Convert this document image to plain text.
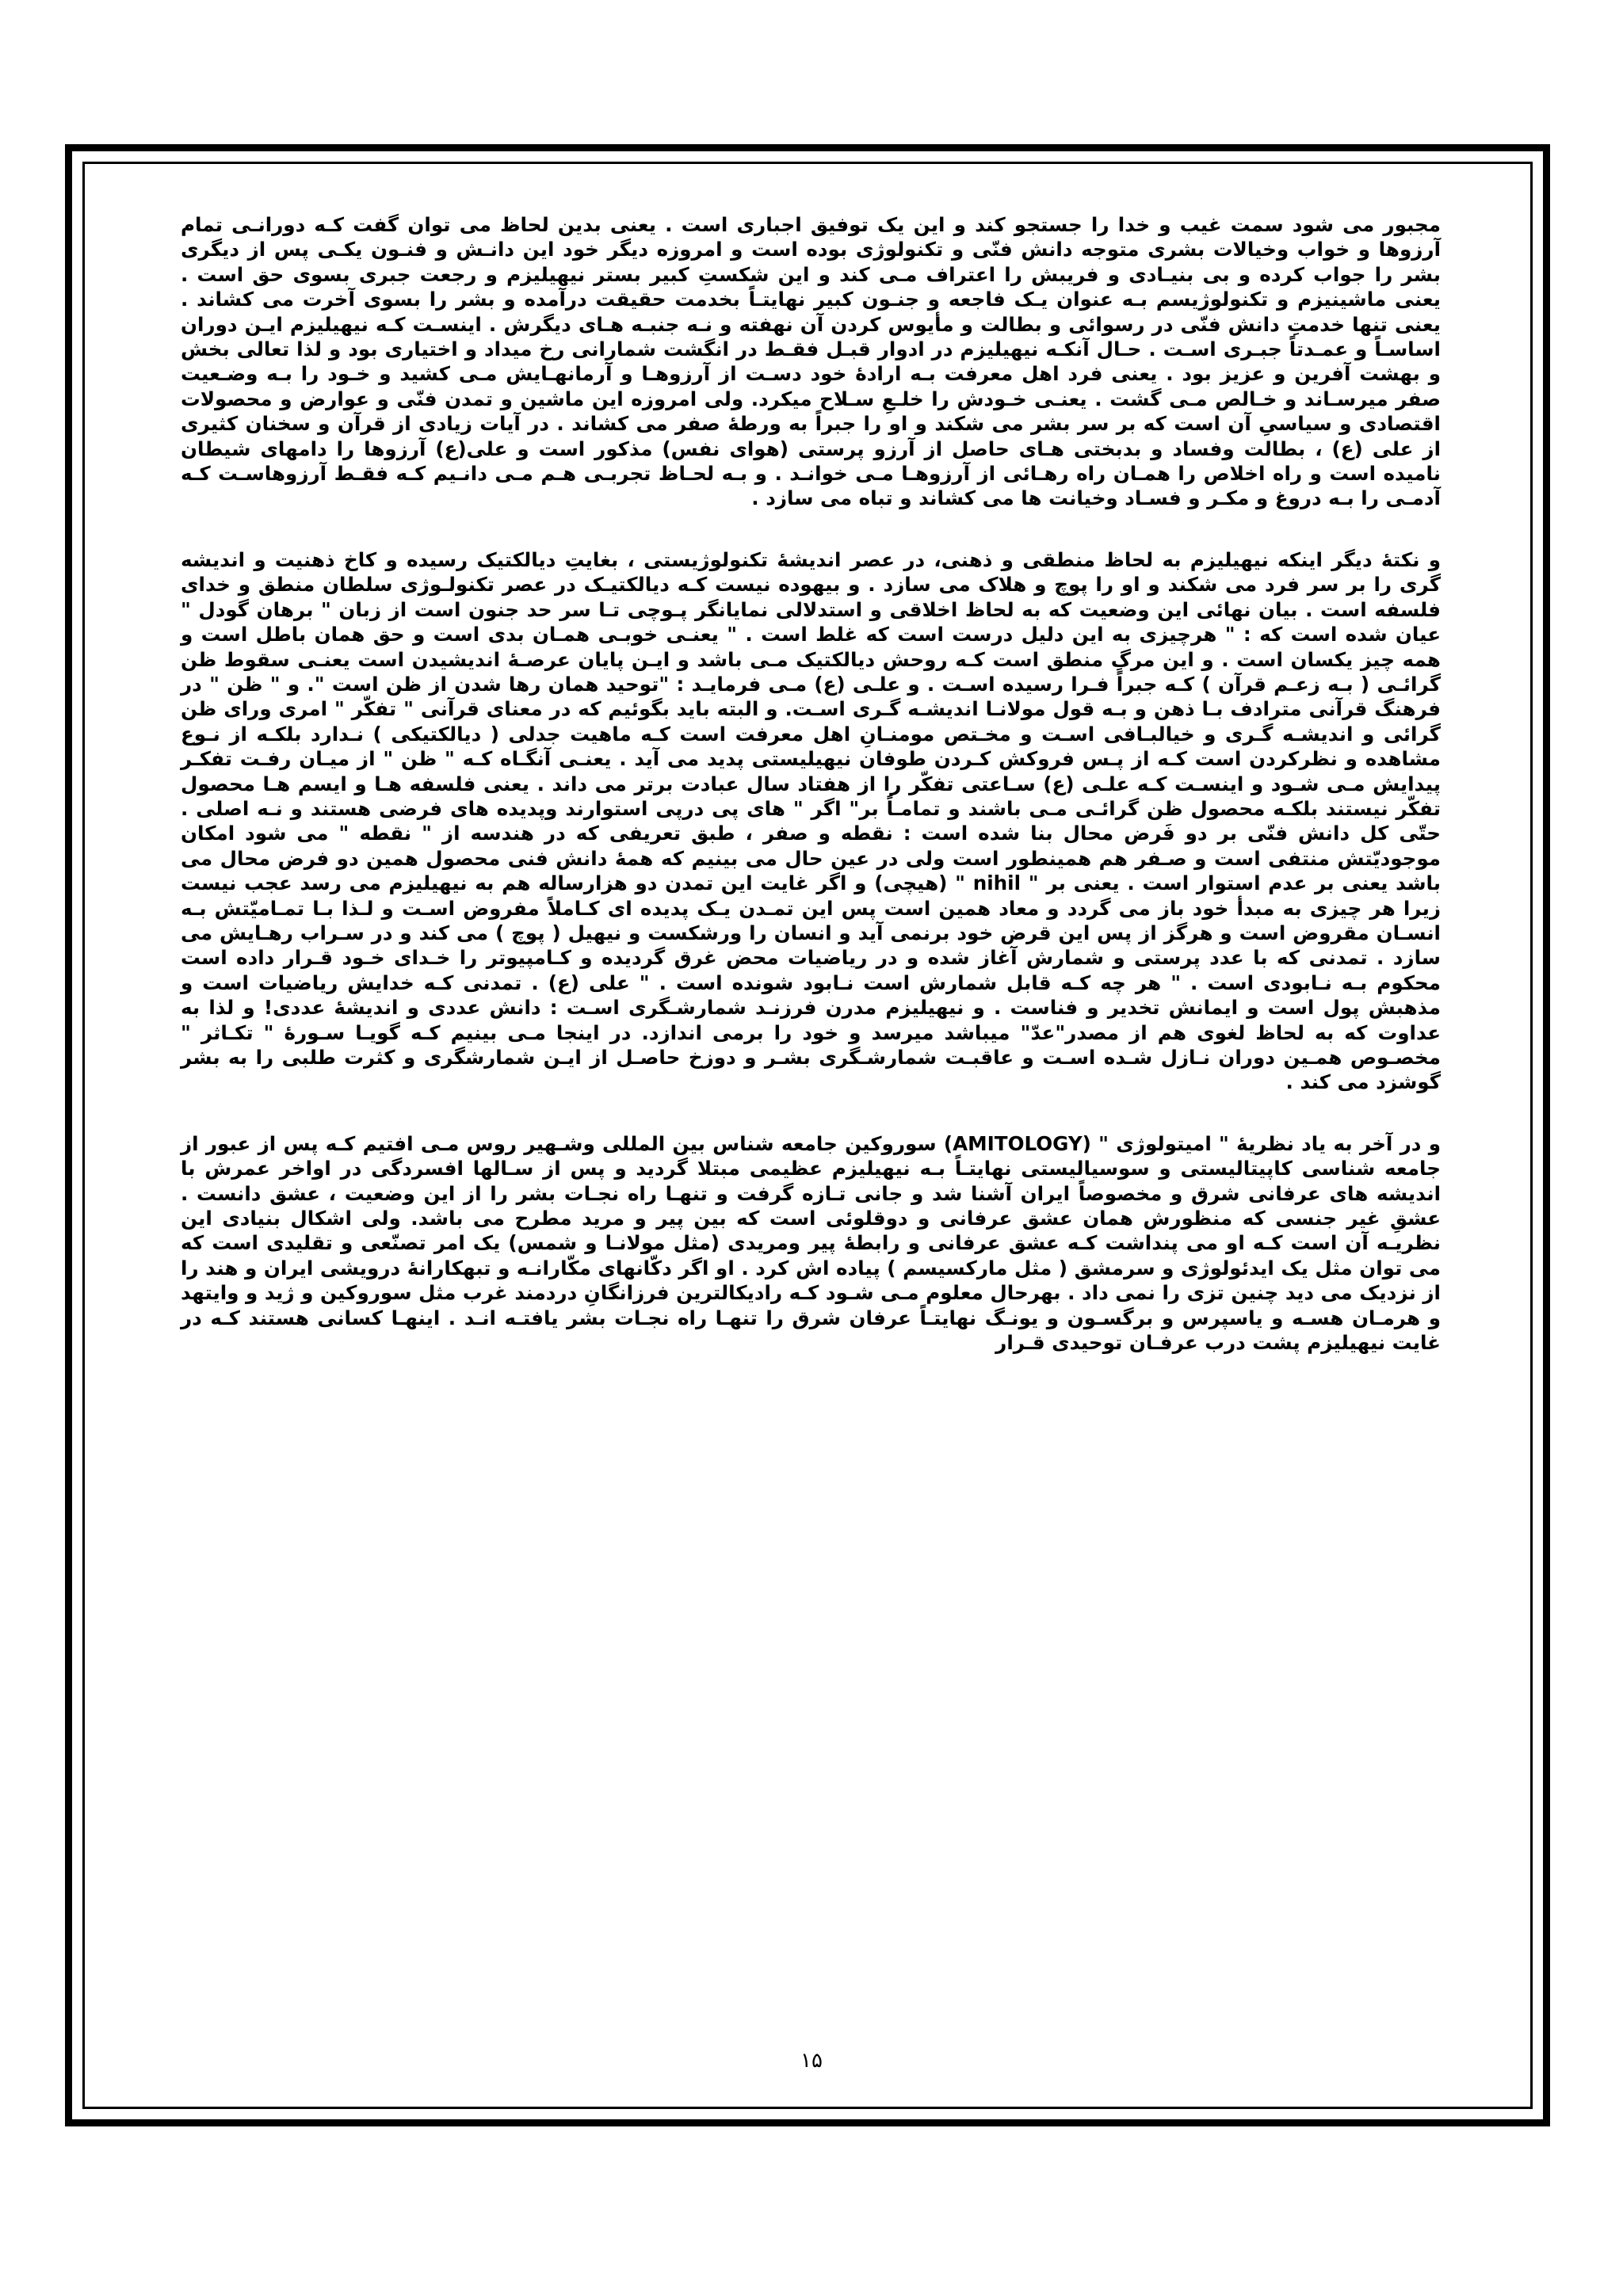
مجبور می شود سمت غیب و خدا را جستجو کند و این یک توفیق اجباری است . یعنی بدین لحاظ می توان گفت کـه دورانـی تمام آرزوها و خواب وخیالات بشری متوجه دانش فنّی و تکنولوژی بوده است و امروزه دیگر خود این دانـش و فنـون یکـی پس از دیگری بشر را جواب کرده و بی بنیـادی و فریبش را اعتراف مـی کند و این شکستِ کبیر بستر نیهیلیزم و رجعت جبری بسوی حق است . یعنی ماشینیزم و تکنولوژیسم بـه عنوان یـک فاجعه و جنـون کبیر نهایتـاً بخدمت حقیقت درآمده و بشر را بسوی آخرت می کشاند . یعنی تنها خدمتِ دانش فنّی در رسوائی و بطالت و مأیوس کردن آن نهفته و نـه جنبـه هـای دیگرش . اینسـت کـه نیهیلیزم ایـن دوران اساسـاً و عمـدتاً جبـری اسـت . حـال آنکـه نیهیلیزم در ادوار قبـل فقـط در انگشت شمارانی رخ میداد و اختیاری بود و لذا تعالی بخش و بهشت آفرین و عزیز بود . یعنی فرد اهل معرفت بـه ارادۀ خود دسـت از آرزوهـا و آرمانهـایش مـی کشید و خـود را بـه وضـعیت صفر میرسـاند و خـالص مـی گشت . یعنـی خـودش را خلـعِ سـلاح میکرد. ولی امروزه این ماشین و تمدن فنّی و عوارض و محصولات اقتصادی و سیاسیِ آن است که بر سر بشر می شکند و او را جبراً به ورطۀ صفر می کشاند . در آیات زیادی از قرآن و سخنان کثیری از علی (ع) ، بطالت وفساد و بدبختی هـای حاصل از آرزو پرستی (هوای نفس) مذکور است و علی(ع) آرزوها را دامهای شیطان نامیده است و راه اخلاص را همـان راه رهـائی از آرزوهـا مـی خوانـد . و بـه لحـاظ تجربـی هـم مـی دانـیم کـه فقـط آرزوهاسـت کـه آدمـی را بـه دروغ و مکـر و فسـاد وخیانت ها می کشاند و تباه می سازد .

و نکتۀ دیگر اینکه نیهیلیزم به لحاظ منطقی و ذهنی، در عصر اندیشۀ تکنولوژیستی ، بغایتِ دیالکتیک رسیده و کاخ ذهنیت و اندیشه گری را بر سر فرد می شکند و او را پوچ و هلاک می سازد . و بیهوده نیست کـه دیالکتیـک در عصر تکنولـوژی سلطان منطق و خدای فلسفه است . بیان نهائی این وضعیت که به لحاظ اخلاقی و استدلالی نمایانگر پـوچی تـا سر حد جنون است از زبان " برهان گودل " عیان شده است که : " هرچیزی به این دلیل درست است که غلط است . " یعنـی خوبـی همـان بدی است و حق همان باطل است و همه چیز یکسان است . و این مرگِ منطق است کـه روحش دیالکتیک مـی باشد و ایـن پایان عرصـۀ اندیشیدن است یعنـی سقوط ظن گرائـی ( بـه زعـم قرآن ) کـه جبراً فـرا رسیده اسـت . و علـی (ع) مـی فرمایـد : "توحید همان رها شدن از ظن است ". و " ظن " در فرهنگ قرآنی مترادف بـا ذهن و بـه قول مولانـا اندیشـه گـری اسـت. و البته باید بگوئیم که در معنای قرآنی " تفکّر " امری ورای ظن گرائی و اندیشـه گـری و خیالبـافی اسـت و مخـتص مومنـانِ اهل معرفت است کـه ماهیت جدلی ( دیالکتیکی ) نـدارد بلکـه از نـوع مشاهده و نظرکردن است کـه از پـس فروکش کـردن طوفان نیهیلیستی پدید می آید . یعنـی آنگـاه کـه " ظن " از میـان رفـت تفکـر پیدایش مـی شـود و اینسـت کـه علـی (ع) سـاعتی تفکّر را از هفتاد سال عبادت برتر می داند . یعنی فلسفه هـا و ایسم هـا محصول تفکّر نیستند بلکـه محصول ظن گرائـی مـی باشند و تمامـاً بر" اگر " های پی درپی استوارند وپدیده های فرضی هستند و نـه اصلی . حتّی کل دانش فنّی بر دو فَرض محال بنا شده است : نقطه و صفر ، طبق تعریفی که در هندسه از " نقطه " می شود امکان موجودیّتش منتفی است و صـفر هم همینطور است ولی در عین حال می بینیم که همۀ دانش فنی محصول همین دو فرض محال می باشد یعنی بر عدم استوار است . یعنی بر " nihil " (هیچی) و اگر غایت این تمدن دو هزارساله هم به نیهیلیزم می رسد عجب نیست زیرا هر چیزی به مبدأ خود باز می گردد و معاد همین است پس این تمـدن یـک پدیده ای کـاملاً مفروض اسـت و لـذا بـا تمـامیّتش بـه انسـان مقروض است و هرگز از پس این قرض خود برنمی آید و انسان را ورشکست و نیهیل ( پوچ ) می کند و در سـراب رهـایش می سازد . تمدنی که با عدد پرستی و شمارش آغاز شده و در ریاضیات محض غرق گردیده و کـامپیوتر را خـدای خـود قـرار داده است محکوم بـه نـابودی است . " هر چه کـه قابل شمارش است نـابود شونده است . " علی (ع) . تمدنی کـه خدایش ریاضیات است و مذهبش پول است و ایمانش تخدیر و فناست . و نیهیلیزم مدرن فرزنـد شمارشـگری اسـت : دانش عددی و اندیشۀ عددی! و لذا به عداوت که به لحاظ لغوی هم از مصدر"عدّ" میباشد میرسد و خود را برمی اندازد. در اینجا مـی بینیم کـه گویـا سـورۀ " تكـاثر " مخصـوص همـین دوران نـازل شـده اسـت و عاقبـت شمارشـگری بشـر و دوزخ حاصـل از ایـن شمارشگری و کثرت طلبی را به بشر گوشزد می کند .

و در آخر به یاد نظریۀ " امیتولوژی " (AMITOLOGY) سوروکین جامعه شناس بین المللی وشـهیر روس مـی افتیم کـه پس از عبور از جامعه شناسی کاپیتالیستی و سوسیالیستی نهایتـاً بـه نیهیلیزم عظیمی مبتلا گردید و پس از سـالها افسردگی در اواخر عمرش با اندیشه های عرفانی شرق و مخصوصاً ایران آشنا شد و جانی تـازه گرفت و تنهـا راه نجـات بشر را از این وضعیت ، عشق دانست . عشقِ غیر جنسی که منظورش همان عشق عرفانی و دوقلوئی است که بین پیر و مرید مطرح می باشد. ولی اشکال بنیادی این نظریـه آن است کـه او می پنداشت کـه عشق عرفانی و رابطۀ پیر ومریدی (مثل مولانـا و شمس) یک امر تصنّعی و تقلیدی است که می توان مثل یک ایدئولوژی و سرمشق ( مثل مارکسیسم ) پیاده اش کرد . او اگر دکّانهای مکّارانـه و تبهکارانۀ درویشی ایران و هند را از نزدیک می دید چنین تزی را نمی داد . بهرحال معلوم مـی شـود کـه رادیکالترین فرزانگانِ دردمند غرب مثل سوروکین و ژید و وایتهد و هرمـان هسـه و یاسپرس و برگسـون و یونـگ نهایتـاً عرفان شرق را تنهـا راه نجـات بشر یافتـه انـد . اینهـا کسانی هستند کـه در غایت نیهیلیزم پشت درب عرفـان توحیدی قـرار

۱۵
